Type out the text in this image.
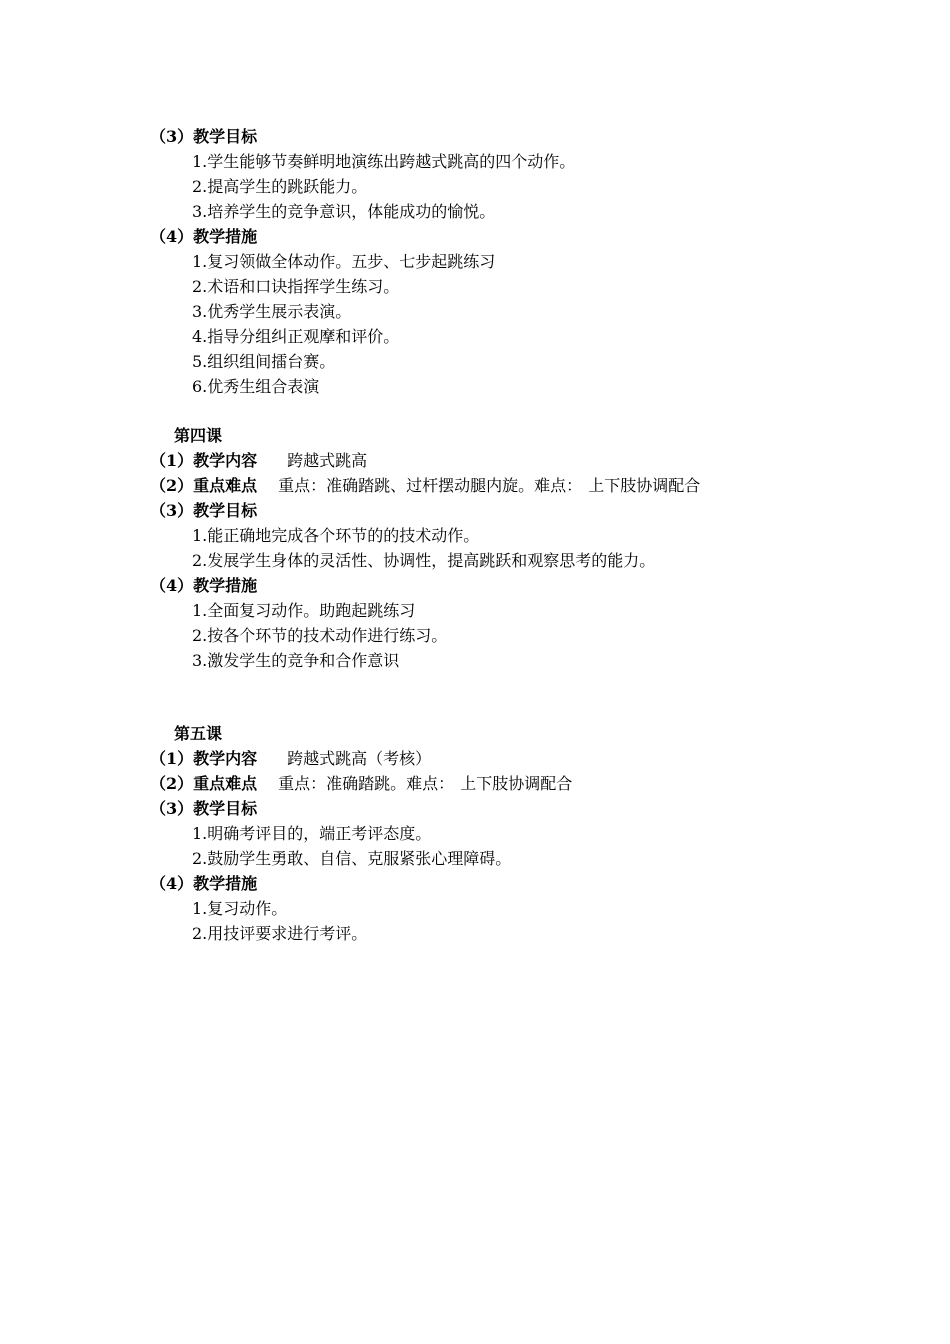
（3）教学目标
1.学生能够节奏鲜明地演练出跨越式跳高的四个动作。
2.提高学生的跳跃能力。
3.培养学生的竞争意识，体能成功的愉悦。
（4）教学措施
1.复习领做全体动作。五步、七步起跳练习
2.术语和口诀指挥学生练习。
3.优秀学生展示表演。
4.指导分组纠正观摩和评价。
5.组织组间擂台赛。
6.优秀生组合表演
第四课
（1）教学内容 跨越式跳高
（2）重点难点 重点：准确踏跳、过杆摆动腿内旋。难点： 上下肢协调配合
（3）教学目标
1.能正确地完成各个环节的的技术动作。
2.发展学生身体的灵活性、协调性，提高跳跃和观察思考的能力。
（4）教学措施
1.全面复习动作。助跑起跳练习
2.按各个环节的技术动作进行练习。
3.激发学生的竞争和合作意识
第五课
（1）教学内容 跨越式跳高（考核）
（2）重点难点 重点：准确踏跳。难点： 上下肢协调配合
（3）教学目标
1.明确考评目的，端正考评态度。
2.鼓励学生勇敢、自信、克服紧张心理障碍。
（4）教学措施
1.复习动作。
2.用技评要求进行考评。
